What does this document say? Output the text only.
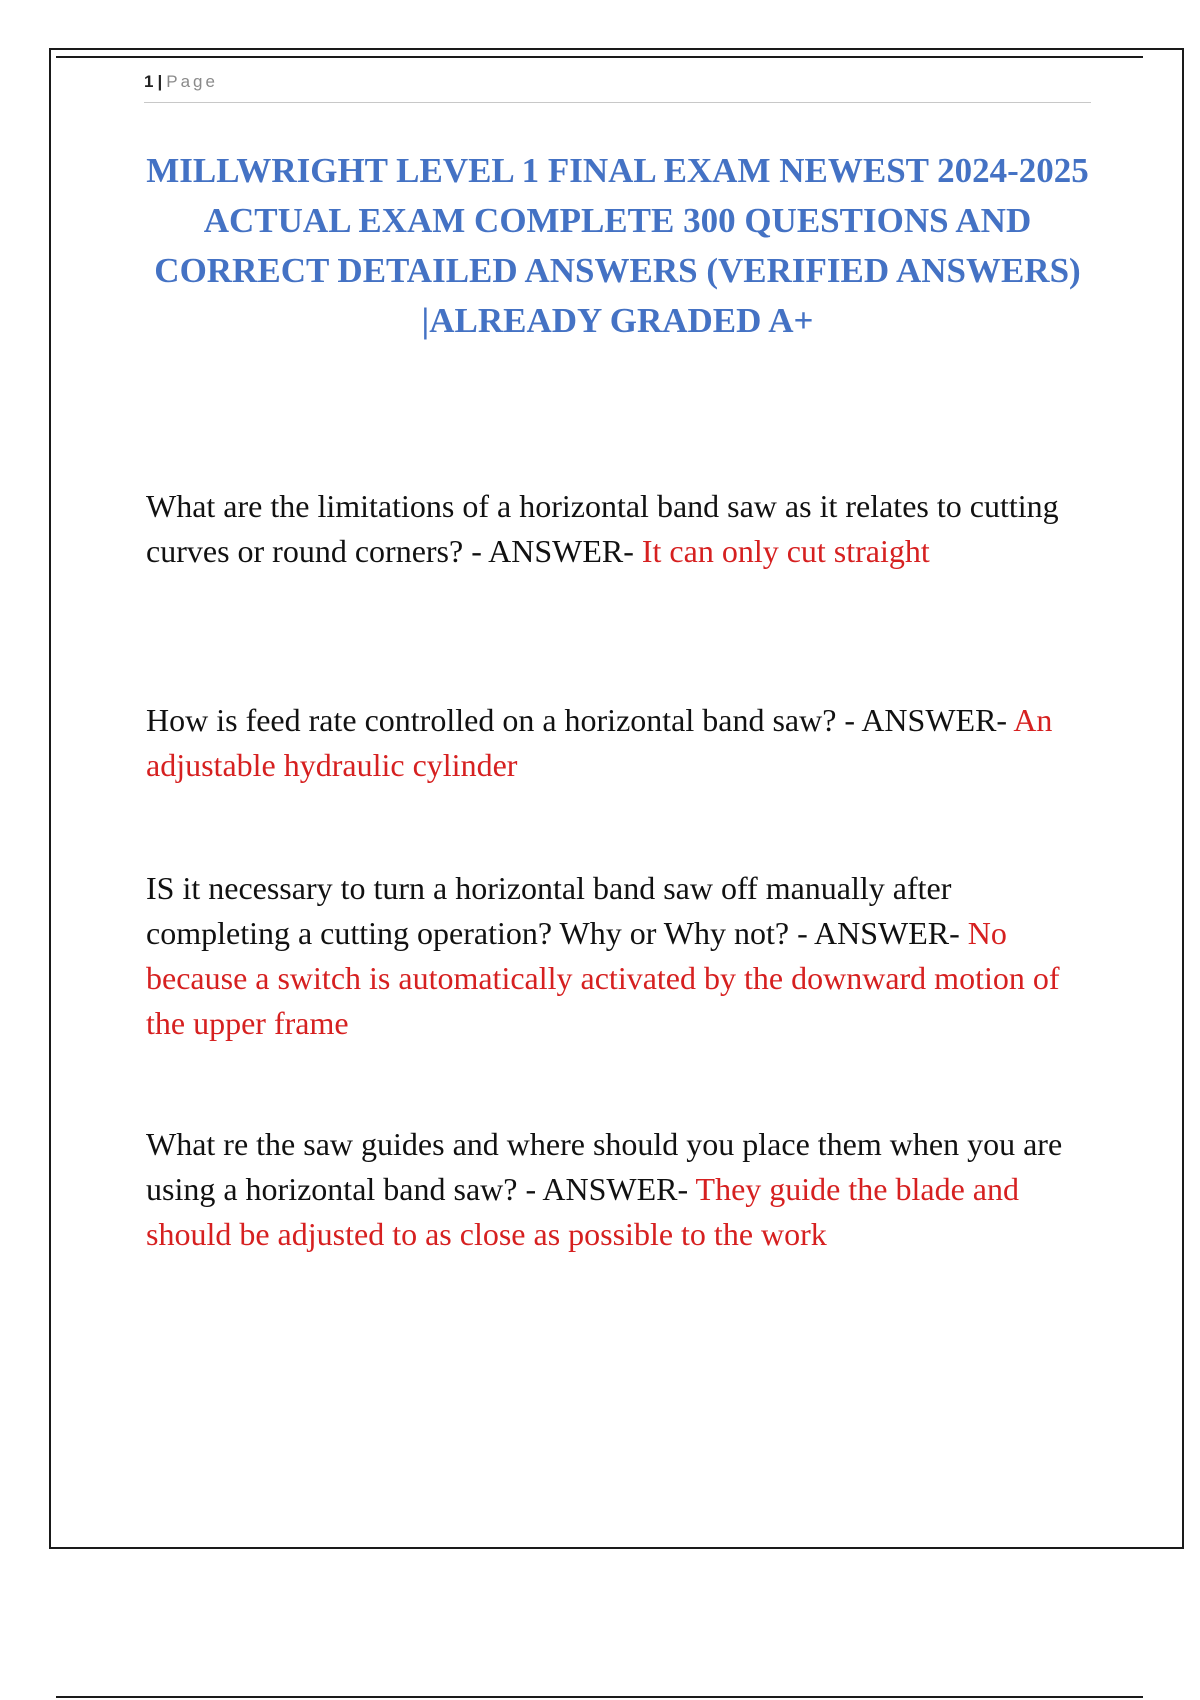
1 | Page
MILLWRIGHT LEVEL 1 FINAL EXAM NEWEST 2024-2025 ACTUAL EXAM COMPLETE 300 QUESTIONS AND CORRECT DETAILED ANSWERS (VERIFIED ANSWERS) |ALREADY GRADED A+
What are the limitations of a horizontal band saw as it relates to cutting curves or round corners? - ANSWER- It can only cut straight
How is feed rate controlled on a horizontal band saw? - ANSWER- An adjustable hydraulic cylinder
IS it necessary to turn a horizontal band saw off manually after completing a cutting operation? Why or Why not? - ANSWER- No because a switch is automatically activated by the downward motion of the upper frame
What re the saw guides and where should you place them when you are using a horizontal band saw? - ANSWER- They guide the blade and should be adjusted to as close as possible to the work
